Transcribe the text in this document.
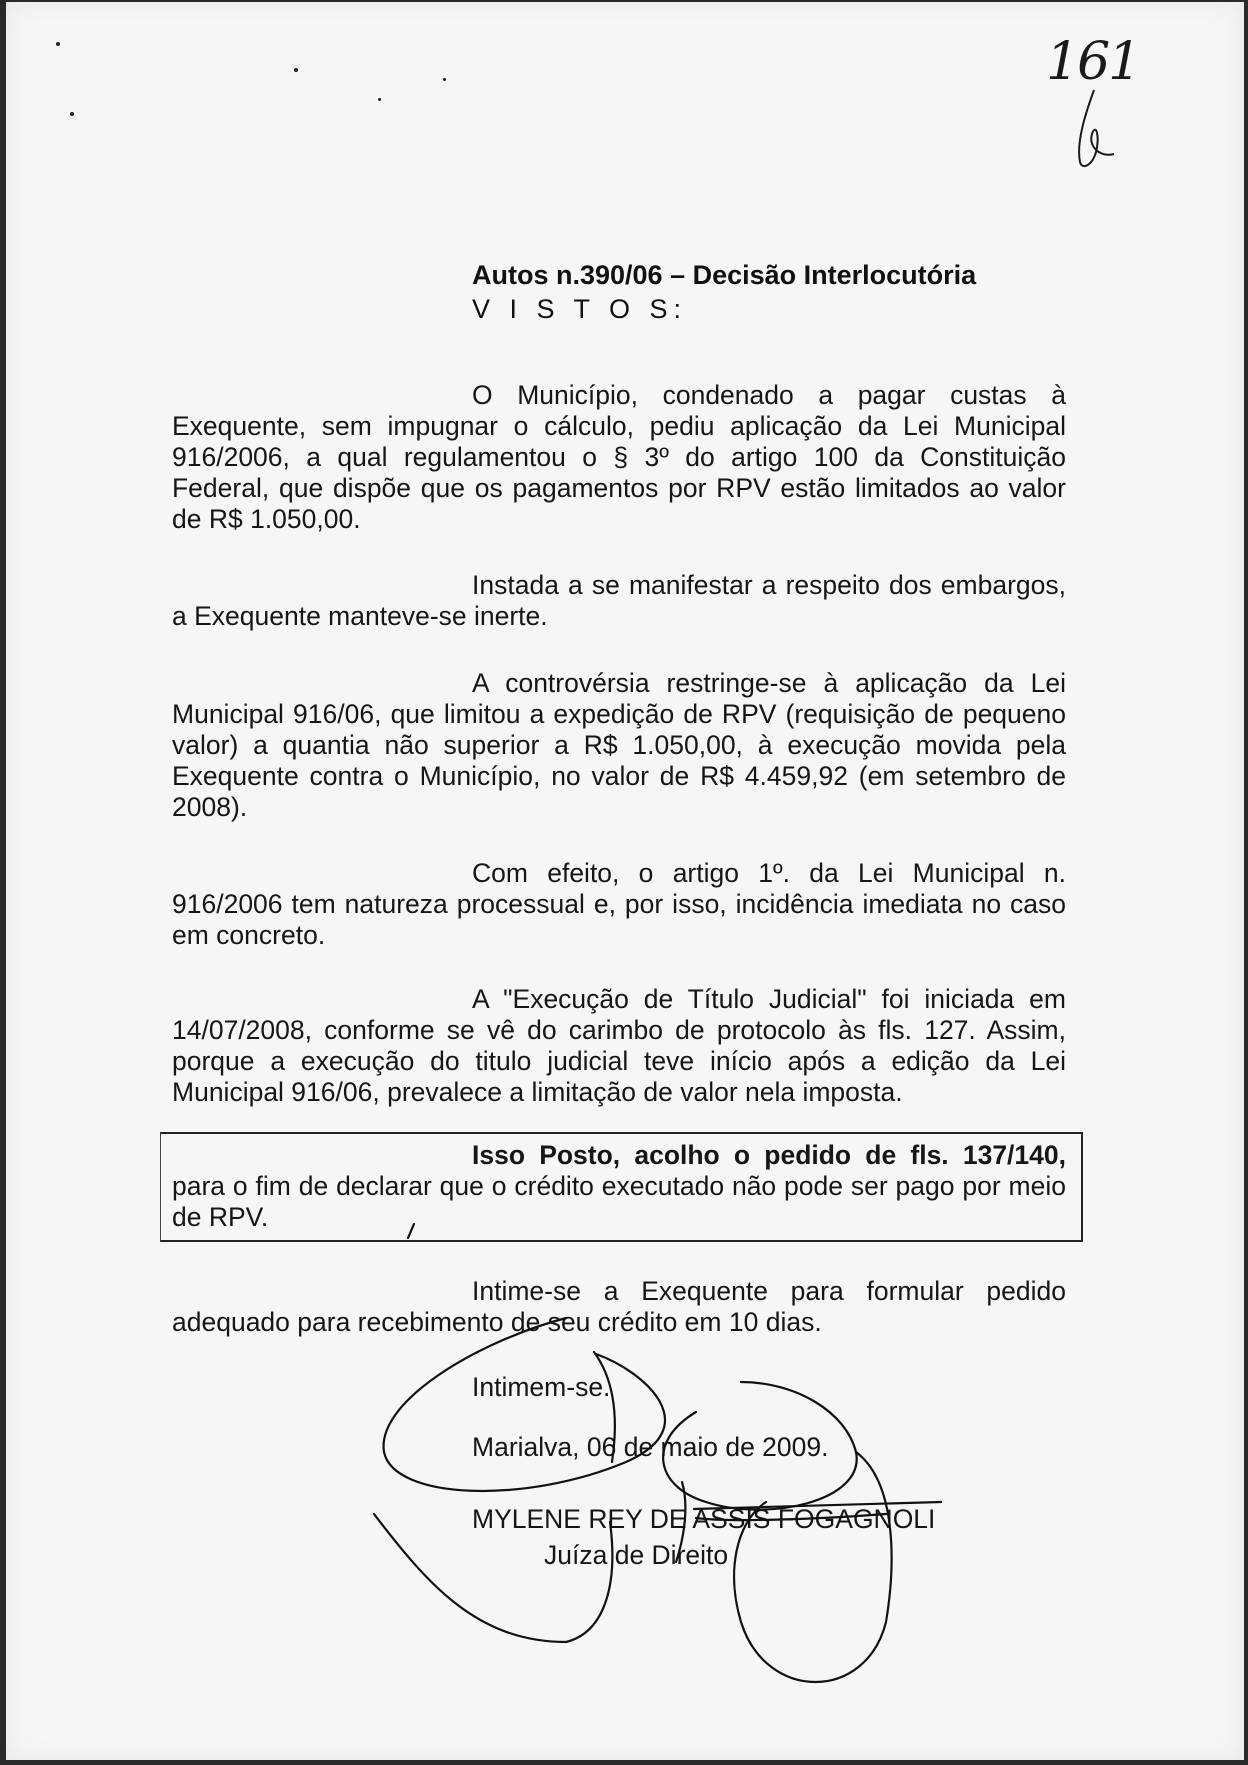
161
Autos n.390/06 – Decisão Interlocutória
V I S T O S:
O Município, condenado a pagar custas à Exequente, sem impugnar o cálculo, pediu aplicação da Lei Municipal 916/2006, a qual regulamentou o § 3º do artigo 100 da Constituição Federal, que dispõe que os pagamentos por RPV estão limitados ao valor de R$ 1.050,00.
Instada a se manifestar a respeito dos embargos, a Exequente manteve-se inerte.
A controvérsia restringe-se à aplicação da Lei Municipal 916/06, que limitou a expedição de RPV (requisição de pequeno valor) a quantia não superior a R$ 1.050,00, à execução movida pela Exequente contra o Município, no valor de R$ 4.459,92 (em setembro de 2008).
Com efeito, o artigo 1º. da Lei Municipal n. 916/2006 tem natureza processual e, por isso, incidência imediata no caso em concreto.
A "Execução de Título Judicial" foi iniciada em 14/07/2008, conforme se vê do carimbo de protocolo às fls. 127. Assim, porque a execução do titulo judicial teve início após a edição da Lei Municipal 916/06, prevalece a limitação de valor nela imposta.
Isso Posto, acolho o pedido de fls. 137/140, para o fim de declarar que o crédito executado não pode ser pago por meio de RPV.
Intime-se a Exequente para formular pedido adequado para recebimento de seu crédito em 10 dias.
Intimem-se.
Marialva, 06 de maio de 2009.
MYLENE REY DE ASSIS FOGAGNOLI
Juíza de Direito
